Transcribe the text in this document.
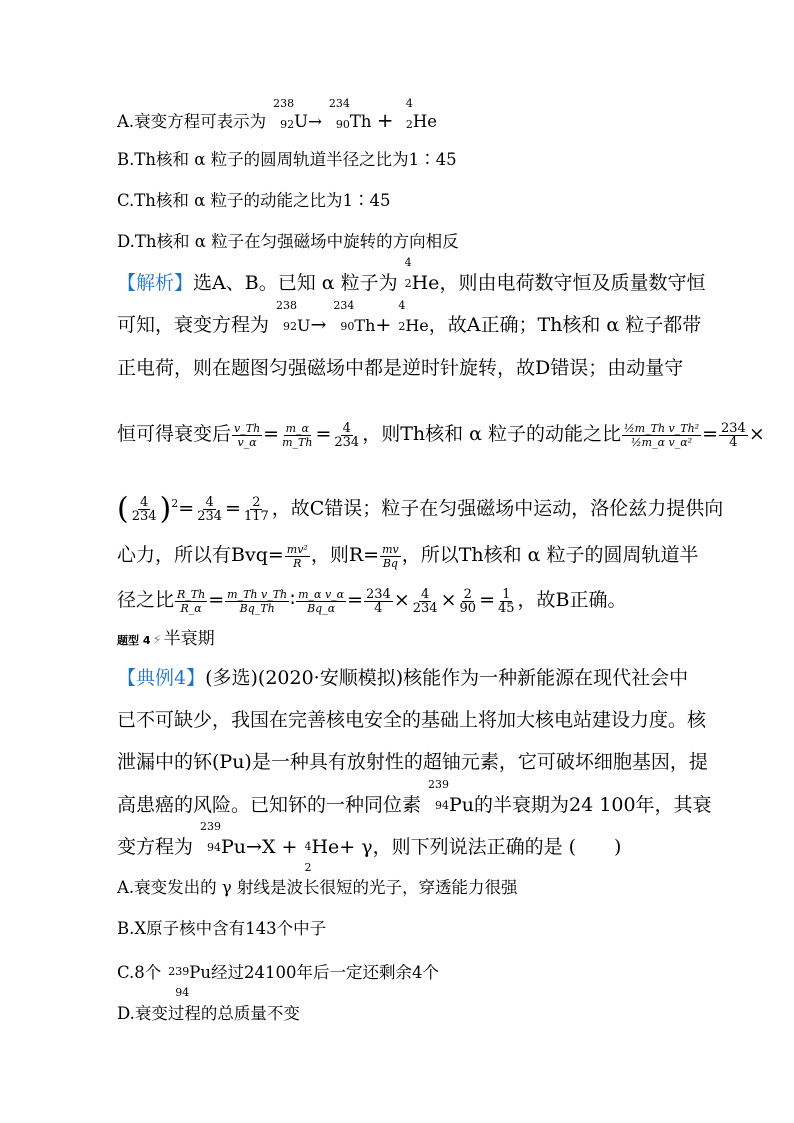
A.衰变方程可表示为
238
92 U→
234
90 Th +
4
2 He
B.Th核和 α 粒子的圆周轨道半径之比为1∶45
C.Th核和 α 粒子的动能之比为1∶45
D.Th核和 α 粒子在匀强磁场中旋转的方向相反
【解析】选A、B。已知 α 粒子为
4
2 He，则由电荷数守恒及质量数守恒
可知，衰变方程为
238
92 U→
234
90 Th+
4
2 He，故A正确；Th核和 α 粒子都带
正电荷，则在题图匀强磁场中都是逆时针旋转，故D错误；由动量守
恒可得衰变后 $\frac{v\_Th}{v\_\alpha} = \frac{m\_\alpha}{m\_Th} = \frac{4}{234}$ ，则Th核和 α 粒子的动能之比 $\frac{\text{½m\_Th v\_Th²}}{\text{½m\_α v\_α²}} = \frac{234}{4}$ ×
( $\frac{4}{234} )^2= \frac{4}{234} = \frac{2}{117}$ ，故C错误；粒子在匀强磁场中运动，洛伦兹力提供向
心力，所以有$Bvq= \frac{\text{mv²}}{R}$ ，则$R= \frac{mv}{Bq}$ ，所以Th核和 α 粒子的圆周轨道半
径之比 $\frac{R\_Th}{R\_\alpha} = \frac{\text{m\_Th v\_Th}}{Bq\_Th}$ ∶ $\frac{\text{m\_α v\_α}}{Bq\_\alpha} = \frac{234}{4} \times \frac{4}{234} \times \frac{2}{90} = \frac{1}{45}$ ，故B正确。
题型 4 ⚡ 半衰期
【典例4】(多选)(2020·安顺模拟)核能作为一种新能源在现代社会中
已不可缺少，我国在完善核电安全的基础上将加大核电站建设力度。核
泄漏中的钚(Pu)是一种具有放射性的超铀元素，它可破坏细胞基因，提
高患癌的风险。已知钚的一种同位素
239
94 Pu的半衰期为24 100年，其衰
变方程为
239
94 Pu→X + 4
2
He+ γ，则下列说法正确的是 (　　)
A.衰变发出的 γ 射线是波长很短的光子，穿透能力很强
B.X原子核中含有143个中子
C.8个 239
94
Pu经过24100年后一定还剩余4个
D.衰变过程的总质量不变
